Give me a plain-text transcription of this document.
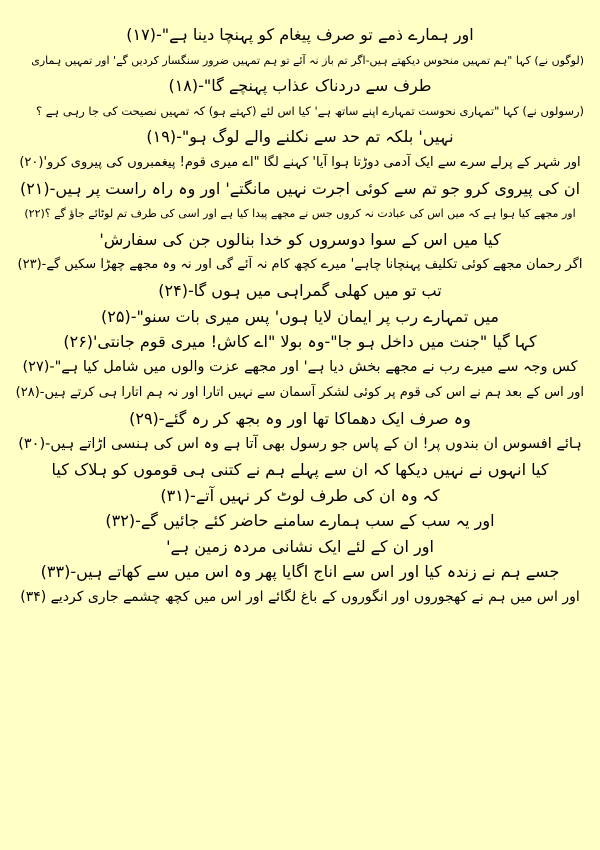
اور ہمارے ذمے تو صرف پیغام کو پہنچا دینا ہے"-(۱۷)
(لوگوں نے) کہا "ہم تمہیں منحوس دیکھتے ہیں-اگر تم باز نہ آئے تو ہم تمہیں ضرور سنگسار کردیں گے' اور تمہیں ہماری
طرف سے دردناک عذاب پہنچے گا"-(۱۸)
(رسولوں نے) کہا "تمہاری نحوست تمہارے اپنے ساتھ ہے' کیا اس لئے (کہتے ہو) کہ تمہیں نصیحت کی جا رہی ہے ؟
نہیں' بلکہ تم حد سے نکلنے والے لوگ ہو"-(۱۹)
اور شہر کے پرلے سرے سے ایک آدمی دوڑتا ہوا آیا' کہنے لگا "اے میری قوم! پیغمبروں کی پیروی کرو'(۲۰)
ان کی پیروی کرو جو تم سے کوئی اجرت نہیں مانگتے' اور وہ راہ راست پر ہیں-(۲۱)
اور مجھے کیا ہوا ہے کہ میں اس کی عبادت نہ کروں جس نے مجھے پیدا کیا ہے اور اسی کی طرف تم لوٹائے جاؤ گے ؟(۲۲)
کیا میں اس کے سوا دوسروں کو خدا بنالوں جن کی سفارش'
اگر رحمان مجھے کوئی تکلیف پہنچانا چاہے' میرے کچھ کام نہ آئے گی اور نہ وہ مجھے چھڑا سکیں گے-(۲۳)
تب تو میں کھلی گمراہی میں ہوں گا-(۲۴)
میں تمہارے رب پر ایمان لایا ہوں' پس میری بات سنو"-(۲۵)
کہا گیا "جنت میں داخل ہو جا"-وہ بولا "اے کاش! میری قوم جانتی'(۲۶)
کس وجہ سے میرے رب نے مجھے بخش دیا ہے' اور مجھے عزت والوں میں شامل کیا ہے"-(۲۷)
اور اس کے بعد ہم نے اس کی قوم پر کوئی لشکر آسمان سے نہیں اتارا اور نہ ہم اتارا ہی کرتے ہیں-(۲۸)
وہ صرف ایک دھماکا تھا اور وہ بجھ کر رہ گئے-(۲۹)
ہائے افسوس ان بندوں پر! ان کے پاس جو رسول بھی آتا ہے وہ اس کی ہنسی اڑاتے ہیں-(۳۰)
کیا انہوں نے نہیں دیکھا کہ ان سے پہلے ہم نے کتنی ہی قوموں کو ہلاک کیا
کہ وہ ان کی طرف لوٹ کر نہیں آتے-(۳۱)
اور یہ سب کے سب ہمارے سامنے حاضر کئے جائیں گے-(۳۲)
اور ان کے لئے ایک نشانی مردہ زمین ہے'
جسے ہم نے زندہ کیا اور اس سے اناج اگایا پھر وہ اس میں سے کھاتے ہیں-(۳۳)
اور اس میں ہم نے کھجوروں اور انگوروں کے باغ لگائے اور اس میں کچھ چشمے جاری کردیے (۳۴)
